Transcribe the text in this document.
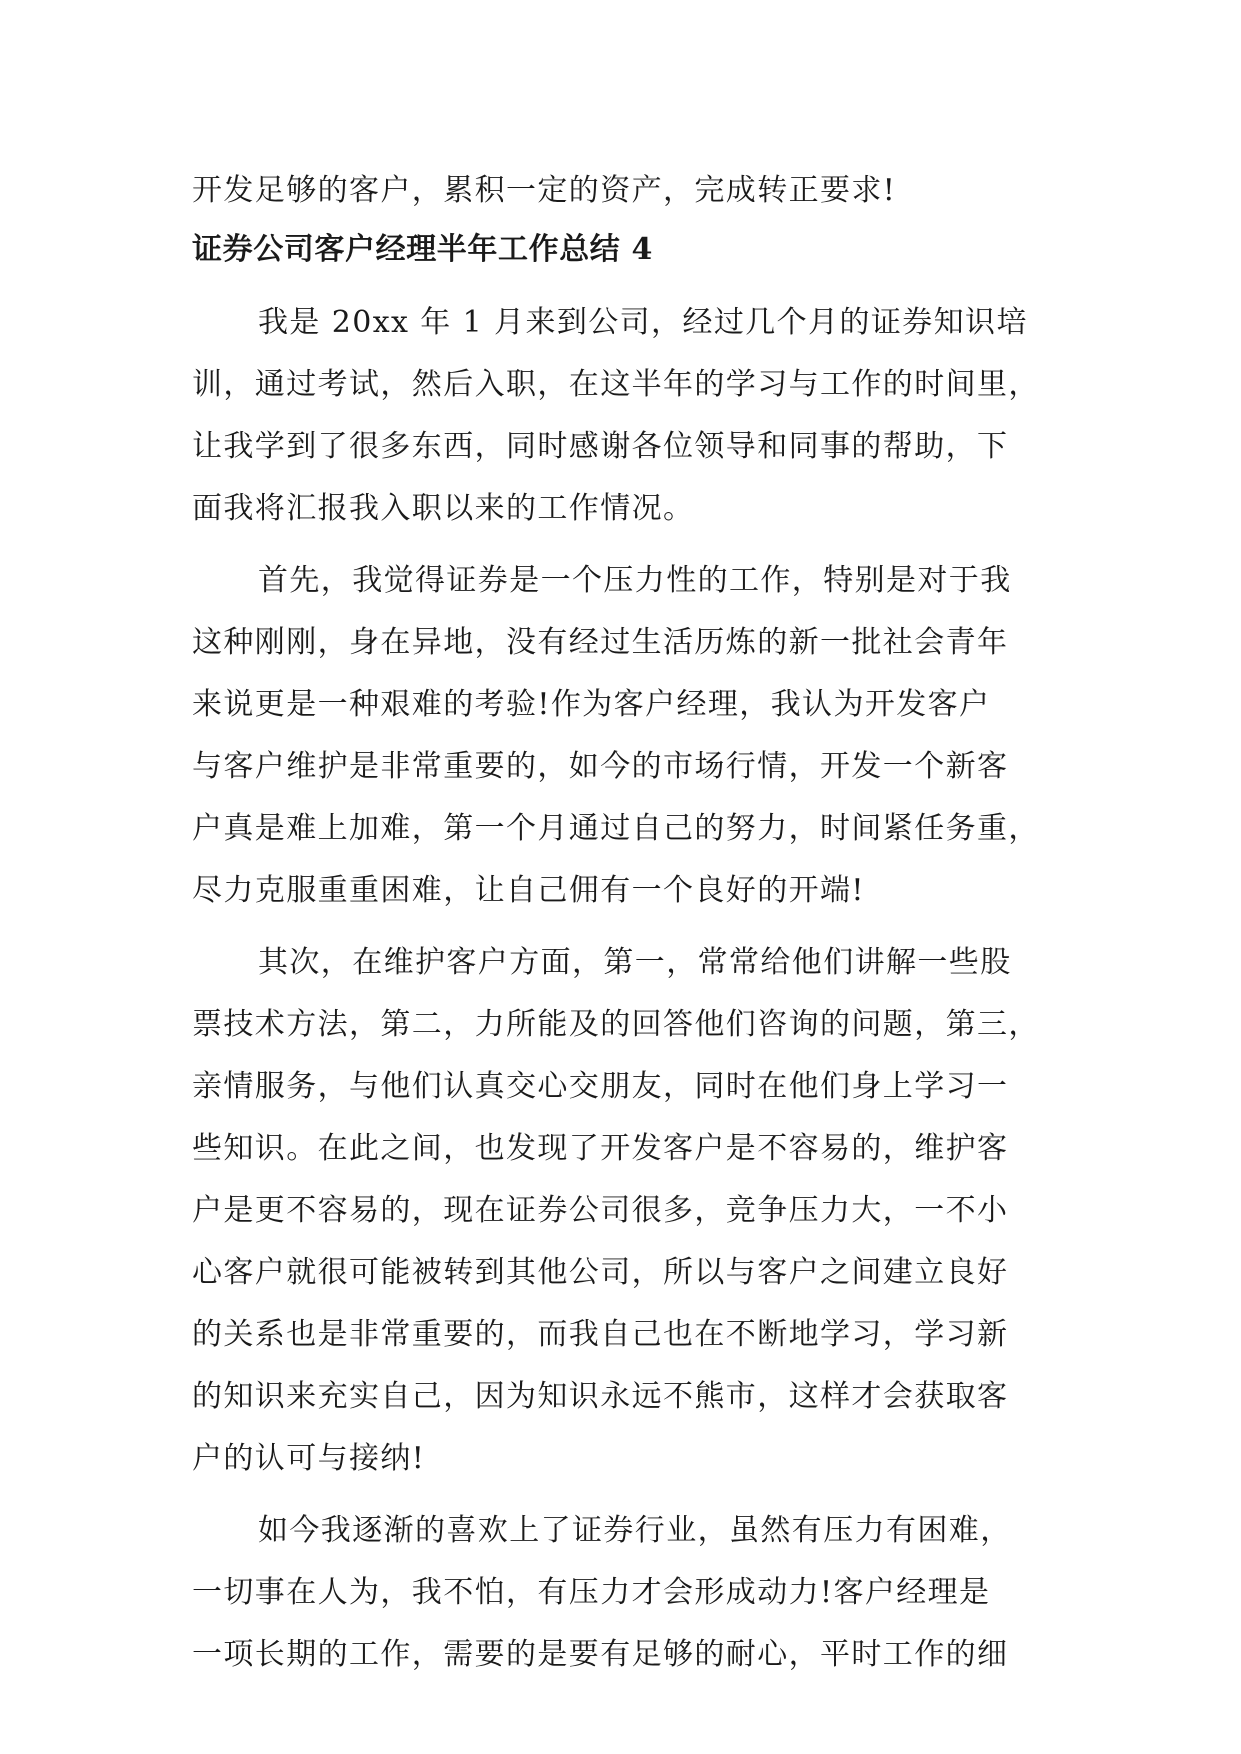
开发足够的客户，累积一定的资产，完成转正要求!

证券公司客户经理半年工作总结 4

我是 20xx 年 1 月来到公司，经过几个月的证券知识培

训，通过考试，然后入职，在这半年的学习与工作的时间里，

让我学到了很多东西，同时感谢各位领导和同事的帮助，下

面我将汇报我入职以来的工作情况。

首先，我觉得证券是一个压力性的工作，特别是对于我

这种刚刚，身在异地，没有经过生活历炼的新一批社会青年

来说更是一种艰难的考验!作为客户经理，我认为开发客户

与客户维护是非常重要的，如今的市场行情，开发一个新客

户真是难上加难，第一个月通过自己的努力，时间紧任务重，

尽力克服重重困难，让自己佣有一个良好的开端!

其次，在维护客户方面，第一，常常给他们讲解一些股

票技术方法，第二，力所能及的回答他们咨询的问题，第三，

亲情服务，与他们认真交心交朋友，同时在他们身上学习一

些知识。在此之间，也发现了开发客户是不容易的，维护客

户是更不容易的，现在证券公司很多，竞争压力大，一不小

心客户就很可能被转到其他公司，所以与客户之间建立良好

的关系也是非常重要的，而我自己也在不断地学习，学习新

的知识来充实自己，因为知识永远不熊市，这样才会获取客

户的认可与接纳!

如今我逐渐的喜欢上了证券行业，虽然有压力有困难，

一切事在人为，我不怕，有压力才会形成动力!客户经理是

一项长期的工作，需要的是要有足够的耐心，平时工作的细
